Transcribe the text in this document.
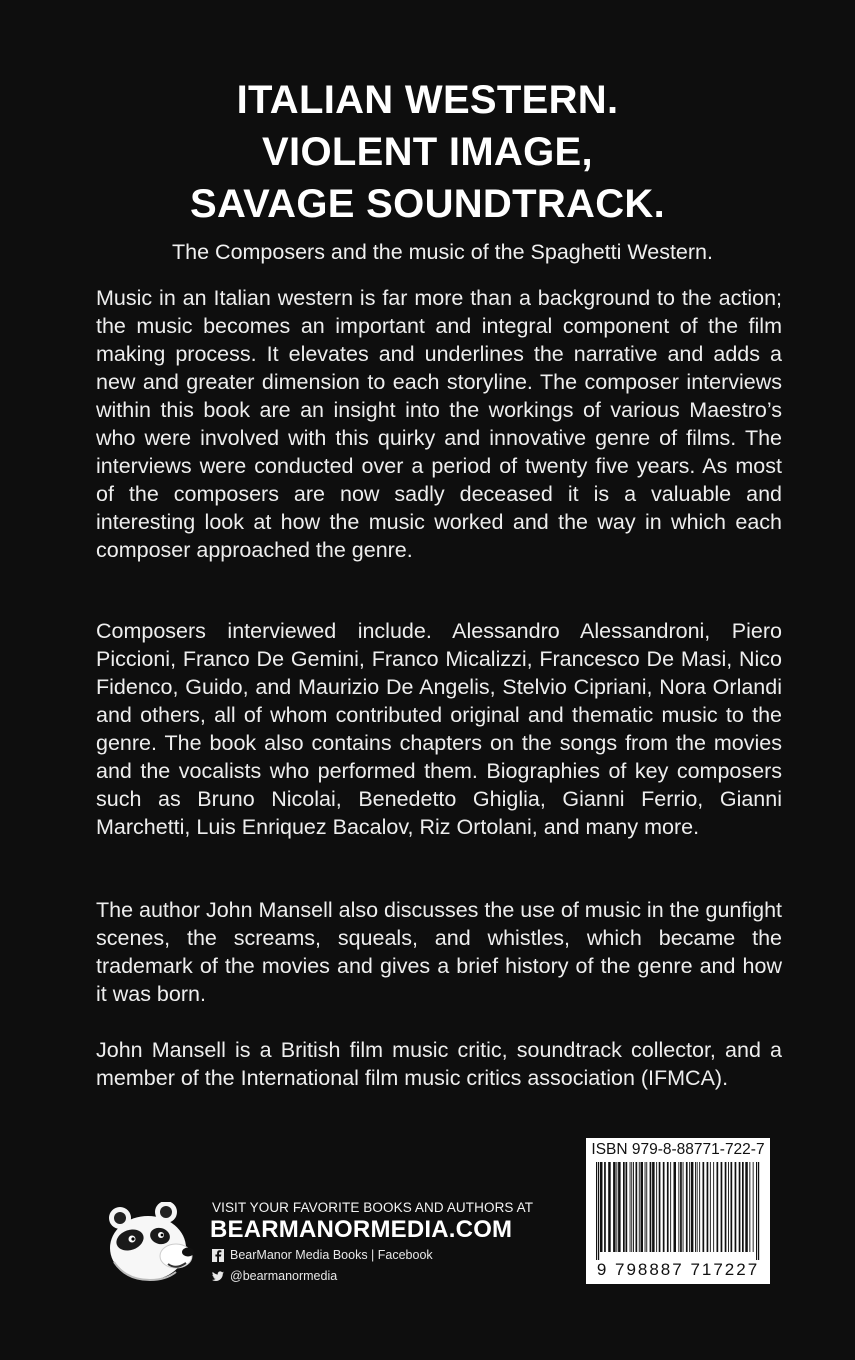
ITALIAN WESTERN.
VIOLENT IMAGE,
SAVAGE SOUNDTRACK.
The Composers and the music of the Spaghetti Western.

Music in an Italian western is far more than a background to the action; the music becomes an important and integral component of the film making process. It elevates and underlines the narrative and adds a new and greater dimension to each storyline. The composer interviews within this book are an insight into the workings of various Maestro’s who were involved with this quirky and innovative genre of films. The interviews were conducted over a period of twenty five years. As most of the composers are now sadly deceased it is a valuable and interesting look at how the music worked and the way in which each composer approached the genre.

Composers interviewed include. Alessandro Alessandroni, Piero Piccioni, Franco De Gemini, Franco Micalizzi, Francesco De Masi, Nico Fidenco, Guido, and Maurizio De Angelis, Stelvio Cipriani, Nora Orlandi and others, all of whom contributed original and thematic music to the genre. The book also contains chapters on the songs from the movies and the vocalists who performed them. Biographies of key composers such as Bruno Nicolai, Benedetto Ghiglia, Gianni Ferrio, Gianni Marchetti, Luis Enriquez Bacalov, Riz Ortolani, and many more.

The author John Mansell also discusses the use of music in the gunfight scenes, the screams, squeals, and whistles, which became the trademark of the movies and gives a brief history of the genre and how it was born.

John Mansell is a British film music critic, soundtrack collector, and a member of the International film music critics association (IFMCA).

VISIT YOUR FAVORITE BOOKS AND AUTHORS AT
BEARMANORMEDIA.COM
BearManor Media Books | Facebook
@bearmanormedia
ISBN 979-8-88771-722-7
9 798887 717227
